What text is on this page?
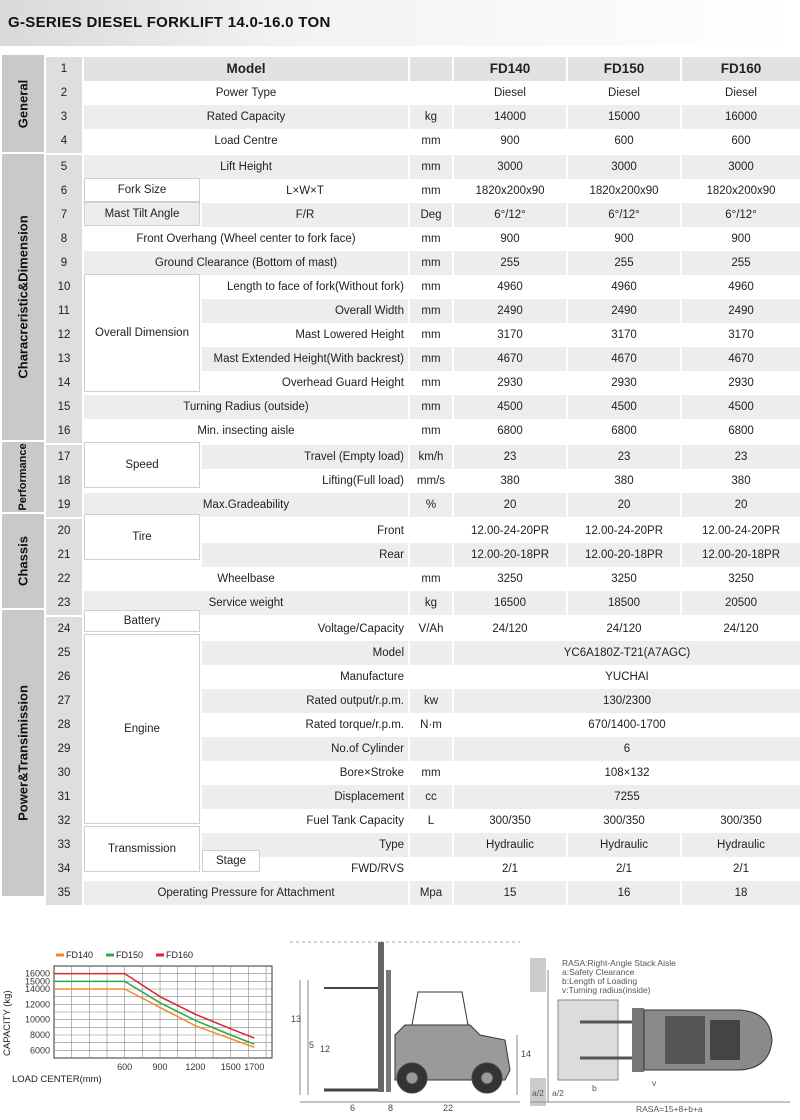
G-SERIES DIESEL FORKLIFT 14.0-16.0 TON
General
Characreristic&Dimension
Performance
Chassis
Power&Transimission
1	Model	FD140	FD150	FD160
2	Power Type	Diesel	Diesel	Diesel
3	Rated Capacity	kg	14000	15000	16000
4	Load Centre	mm	900	600	600
5	Lift Height	mm	3000	3000	3000
6	L×W×T	mm	1820x200x90	1820x200x90	1820x200x90
7	F/R	Deg	6°/12°	6°/12°	6°/12°
8	Front Overhang (Wheel center to fork face)	mm	900	900	900
9	Ground Clearance (Bottom of mast)	mm	255	255	255
10	Length to face of fork(Without fork)	mm	4960	4960	4960
11	Overall Width	mm	2490	2490	2490
12	Mast Lowered Height	mm	3170	3170	3170
13	Mast Extended Height(With backrest)	mm	4670	4670	4670
14	Overhead Guard Height	mm	2930	2930	2930
15	Turning Radius (outside)	mm	4500	4500	4500
16	Min. insecting aisle	mm	6800	6800	6800
17	Travel (Empty load)	km/h	23	23	23
18	Lifting(Full load)	mm/s	380	380	380
19	Max.Gradeability	%	20	20	20
20	Front	12.00-24-20PR	12.00-24-20PR	12.00-24-20PR
21	Rear	12.00-20-18PR	12.00-20-18PR	12.00-20-18PR
22	Wheelbase	mm	3250	3250	3250
23	Service weight	kg	16500	18500	20500
24	Voltage/Capacity	V/Ah	24/120	24/120	24/120
25	Model	YC6A180Z-T21(A7AGC)
26	Manufacture	YUCHAI
27	Rated output/r.p.m.	kw	130/2300
28	Rated torque/r.p.m.	N·m	670/1400-1700
29	No.of Cylinder	6
30	Bore×Stroke	mm	108×132
31	Displacement	cc	7255
32	Fuel Tank Capacity	L	300/350	300/350	300/350
33	Type	Hydraulic	Hydraulic	Hydraulic
34	FWD/RVS	2/1	2/1	2/1
35	Operating Pressure for Attachment	Mpa	15	16	18
Fork Size
Mast Tilt Angle
Overall Dimension
Speed
Tire
Battery
Engine
Transmission
Stage
6000
8000
10000
12000
14000
15000
16000
600 900 1200 1500 1700
LOAD CENTER(mm)
CAPACITY (kg)
FD140	FD150	FD160
13
5 12	14
6	8	22
RASA:Right-Angle Stack Aisle
a:Safety Clearance
b:Length of Loading
v:Turning radius(inside)
a/2	b	v
a/2
RASA=15+8+b+a
